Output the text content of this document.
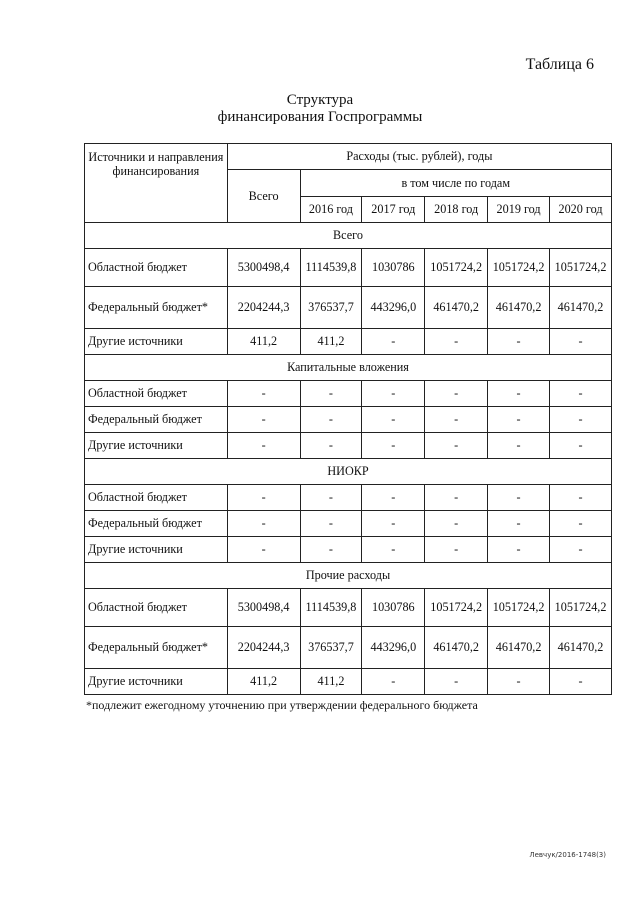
Таблица 6
Структура
финансирования Госпрограммы
Источники и направления финансирования	Расходы (тыс. рублей), годы					
	Всего	в том числе по годам				
		2016 год	2017 год	2018 год	2019 год	2020 год
Всего						
Областной бюджет	5300498,4	1114539,8	1030786	1051724,2	1051724,2	1051724,2
Федеральный бюджет*	2204244,3	376537,7	443296,0	461470,2	461470,2	461470,2
Другие источники	411,2	411,2	-	-	-	-
Капитальные вложения						
Областной бюджет	-	-	-	-	-	-
Федеральный бюджет	-	-	-	-	-	-
Другие источники	-	-	-	-	-	-
НИОКР						
Областной бюджет	-	-	-	-	-	-
Федеральный бюджет	-	-	-	-	-	-
Другие источники	-	-	-	-	-	-
Прочие расходы						
Областной бюджет	5300498,4	1114539,8	1030786	1051724,2	1051724,2	1051724,2
Федеральный бюджет*	2204244,3	376537,7	443296,0	461470,2	461470,2	461470,2
Другие источники	411,2	411,2	-	-	-	-
*подлежит ежегодному уточнению при утверждении федерального бюджета
Левчук/2016-1748(3)
